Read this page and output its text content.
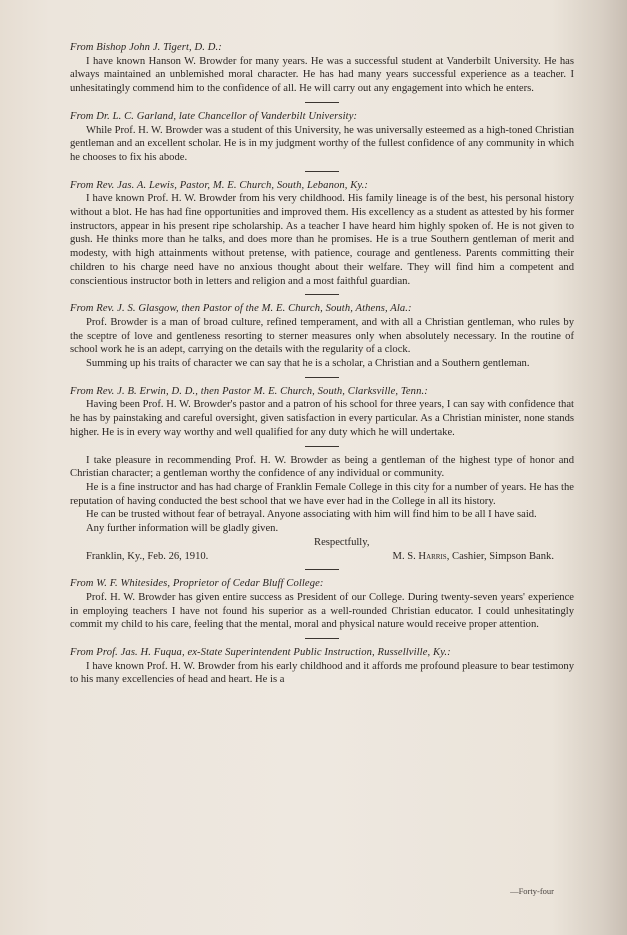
From Bishop John J. Tigert, D. D.:

I have known Hanson W. Browder for many years. He was a successful student at Vanderbilt University. He has always maintained an unblemished moral character. He has had many years successful experience as a teacher. I unhesitatingly commend him to the confidence of all. He will carry out any engagement into which he enters.

From Dr. L. C. Garland, late Chancellor of Vanderbilt University:

While Prof. H. W. Browder was a student of this University, he was universally esteemed as a high-toned Christian gentleman and an excellent scholar. He is in my judgment worthy of the fullest confidence of any community in which he chooses to fix his abode.

From Rev. Jas. A. Lewis, Pastor, M. E. Church, South, Lebanon, Ky.:

I have known Prof. H. W. Browder from his very childhood. His family lineage is of the best, his personal history without a blot. He has had fine opportunities and improved them. His excellency as a student as attested by his former instructors, appear in his present ripe scholarship. As a teacher I have heard him highly spoken of. He is not given to gush. He thinks more than he talks, and does more than he promises. He is a true Southern gentleman of merit and modesty, with high attainments without pretense, with patience, courage and gentleness. Parents committing their children to his charge need have no anxious thought about their welfare. They will find him a competent and conscientious instructor both in letters and religion and a most faithful guardian.

From Rev. J. S. Glasgow, then Pastor of the M. E. Church, South, Athens, Ala.:

Prof. Browder is a man of broad culture, refined temperament, and with all a Christian gentleman, who rules by the sceptre of love and gentleness resorting to sterner measures only when absolutely necessary. In the routine of school work he is an adept, carrying on the details with the regularity of a clock.

Summing up his traits of character we can say that he is a scholar, a Christian and a Southern gentleman.

From Rev. J. B. Erwin, D. D., then Pastor M. E. Church, South, Clarksville, Tenn.:

Having been Prof. H. W. Browder's pastor and a patron of his school for three years, I can say with confidence that he has by painstaking and careful oversight, given satisfaction in every particular. As a Christian minister, none stands higher. He is in every way worthy and well qualified for any duty which he will undertake.

I take pleasure in recommending Prof. H. W. Browder as being a gentleman of the highest type of honor and Christian character; a gentleman worthy the confidence of any individual or community.

He is a fine instructor and has had charge of Franklin Female College in this city for a number of years. He has the reputation of having conducted the best school that we have ever had in the College in all its history.

He can be trusted without fear of betrayal. Anyone associating with him will find him to be all I have said.

Any further information will be gladly given.

Respectfully,

Franklin, Ky., Feb. 26, 1910.	M. S. Harris, Cashier, Simpson Bank.

From W. F. Whitesides, Proprietor of Cedar Bluff College:

Prof. H. W. Browder has given entire success as President of our College. During twenty-seven years' experience in employing teachers I have not found his superior as a well-rounded Christian educator. I could unhesitatingly commit my child to his care, feeling that the mental, moral and physical nature would receive proper attention.

From Prof. Jas. H. Fuqua, ex-State Superintendent Public Instruction, Russellville, Ky.:

I have known Prof. H. W. Browder from his early childhood and it affords me profound pleasure to bear testimony to his many excellencies of head and heart. He is a

—Forty-four
